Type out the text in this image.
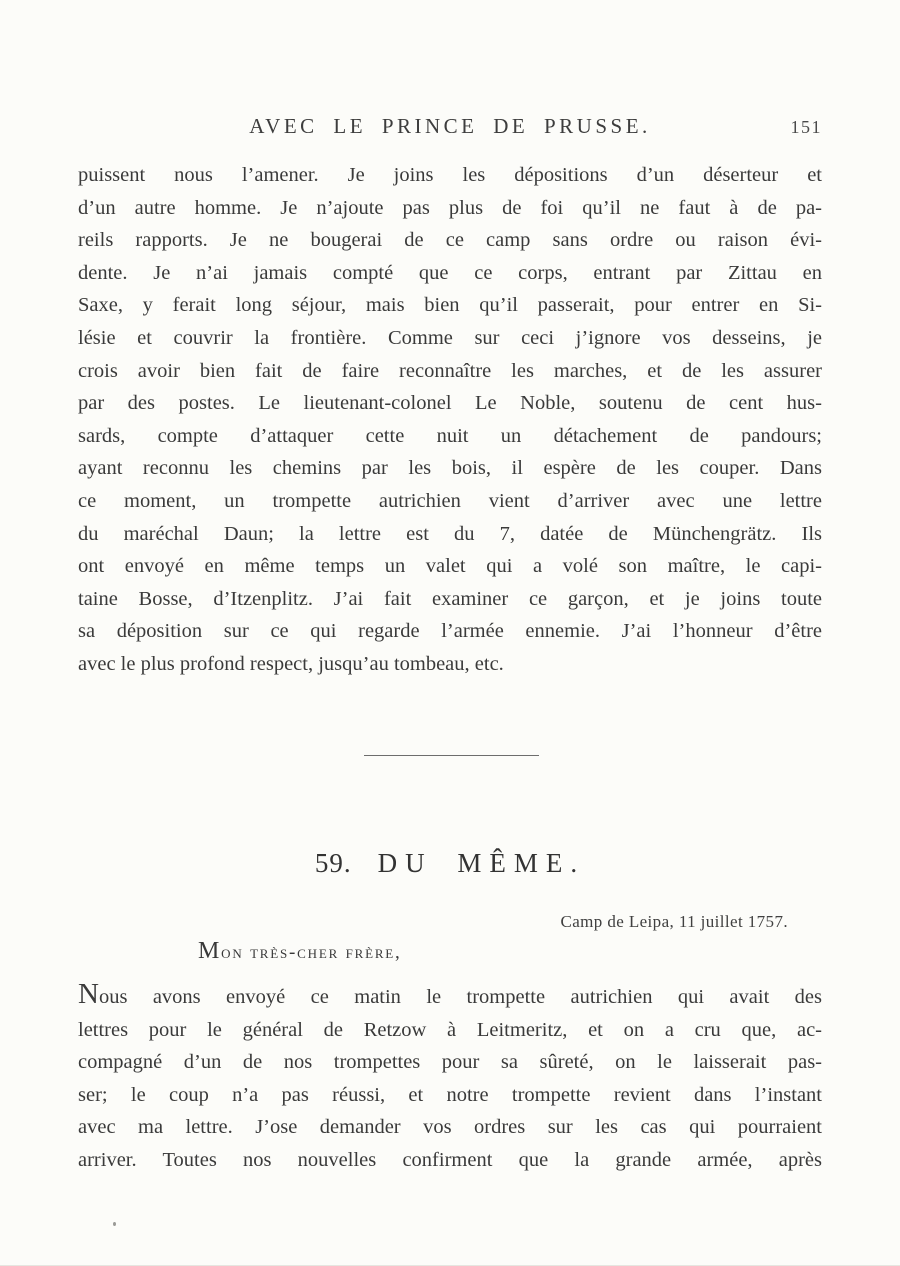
AVEC LE PRINCE DE PRUSSE.	151
puissent nous l’amener. Je joins les dépositions d’un déserteur et
d’un autre homme. Je n’ajoute pas plus de foi qu’il ne faut à de pa-
reils rapports. Je ne bougerai de ce camp sans ordre ou raison évi-
dente. Je n’ai jamais compté que ce corps, entrant par Zittau en
Saxe, y ferait long séjour, mais bien qu’il passerait, pour entrer en Si-
lésie et couvrir la frontière. Comme sur ceci j’ignore vos desseins, je
crois avoir bien fait de faire reconnaître les marches, et de les assurer
par des postes. Le lieutenant-colonel Le Noble, soutenu de cent hus-
sards, compte d’attaquer cette nuit un détachement de pandours;
ayant reconnu les chemins par les bois, il espère de les couper. Dans
ce moment, un trompette autrichien vient d’arriver avec une lettre
du maréchal Daun; la lettre est du 7, datée de Münchengrätz. Ils
ont envoyé en même temps un valet qui a volé son maître, le capi-
taine Bosse, d’Itzenplitz. J’ai fait examiner ce garçon, et je joins toute
sa déposition sur ce qui regarde l’armée ennemie. J’ai l’honneur d’être
avec le plus profond respect, jusqu’au tombeau, etc.
59. DU MÊME.
Camp de Leipa, 11 juillet 1757.
Mon très-cher frère,
Nous avons envoyé ce matin le trompette autrichien qui avait des
lettres pour le général de Retzow à Leitmeritz, et on a cru que, ac-
compagné d’un de nos trompettes pour sa sûreté, on le laisserait pas-
ser; le coup n’a pas réussi, et notre trompette revient dans l’instant
avec ma lettre. J’ose demander vos ordres sur les cas qui pourraient
arriver. Toutes nos nouvelles confirment que la grande armée, après
